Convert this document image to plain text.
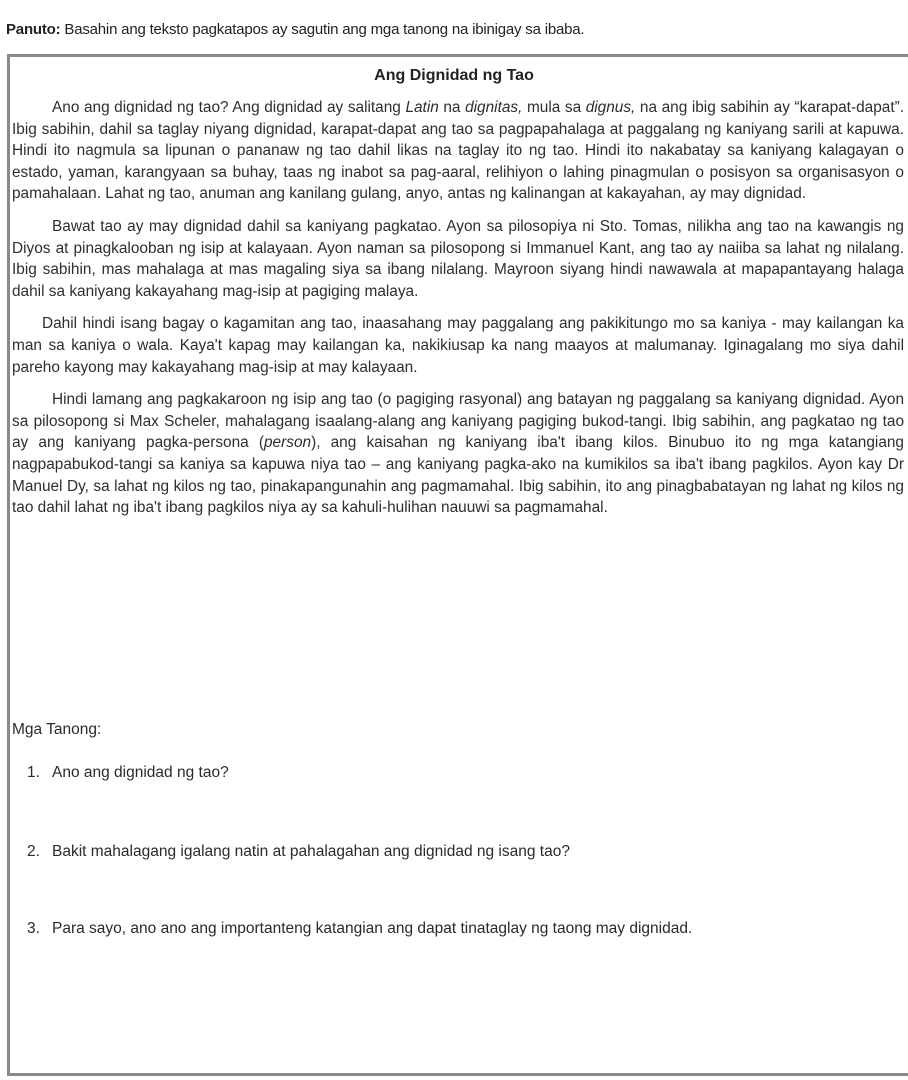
Panuto: Basahin ang teksto pagkatapos ay sagutin ang mga tanong na ibinigay sa ibaba.
Ang Dignidad ng Tao

Ano ang dignidad ng tao? Ang dignidad ay salitang Latin na dignitas, mula sa dignus, na ang ibig sabihin ay “karapat-dapat”. Ibig sabihin, dahil sa taglay niyang dignidad, karapat-dapat ang tao sa pagpapahalaga at paggalang ng kaniyang sarili at kapuwa. Hindi ito nagmula sa lipunan o pananaw ng tao dahil likas na taglay ito ng tao. Hindi ito nakabatay sa kaniyang kalagayan o estado, yaman, karangyaan sa buhay, taas ng inabot sa pag-aaral, relihiyon o lahing pinagmulan o posisyon sa organisasyon o pamahalaan. Lahat ng tao, anuman ang kanilang gulang, anyo, antas ng kalinangan at kakayahan, ay may dignidad.

Bawat tao ay may dignidad dahil sa kaniyang pagkatao. Ayon sa pilosopiya ni Sto. Tomas, nilikha ang tao na kawangis ng Diyos at pinagkalooban ng isip at kalayaan. Ayon naman sa pilosopong si Immanuel Kant, ang tao ay naiiba sa lahat ng nilalang. Ibig sabihin, mas mahalaga at mas magaling siya sa ibang nilalang. Mayroon siyang hindi nawawala at mapapantayang halaga dahil sa kaniyang kakayahang mag-isip at pagiging malaya.

Dahil hindi isang bagay o kagamitan ang tao, inaasahang may paggalang ang pakikitungo mo sa kaniya - may kailangan ka man sa kaniya o wala. Kaya't kapag may kailangan ka, nakikiusap ka nang maayos at malumanay. Iginagalang mo siya dahil pareho kayong may kakayahang mag-isip at may kalayaan.

Hindi lamang ang pagkakaroon ng isip ang tao (o pagiging rasyonal) ang batayan ng paggalang sa kaniyang dignidad. Ayon sa pilosopong si Max Scheler, mahalagang isaalang-alang ang kaniyang pagiging bukod-tangi. Ibig sabihin, ang pagkatao ng tao ay ang kaniyang pagka-persona (person), ang kaisahan ng kaniyang iba't ibang kilos. Binubuo ito ng mga katangiang nagpapabukod-tangi sa kaniya sa kapuwa niya tao – ang kaniyang pagka-ako na kumikilos sa iba't ibang pagkilos. Ayon kay Dr Manuel Dy, sa lahat ng kilos ng tao, pinakapangunahin ang pagmamahal. Ibig sabihin, ito ang pinagbabatayan ng lahat ng kilos ng tao dahil lahat ng iba't ibang pagkilos niya ay sa kahuli-hulihan nauuwi sa pagmamahal.

Mga Tanong:
1. Ano ang dignidad ng tao?
2. Bakit mahalagang igalang natin at pahalagahan ang dignidad ng isang tao?
3. Para sayo, ano ano ang importanteng katangian ang dapat tinataglay ng taong may dignidad.
